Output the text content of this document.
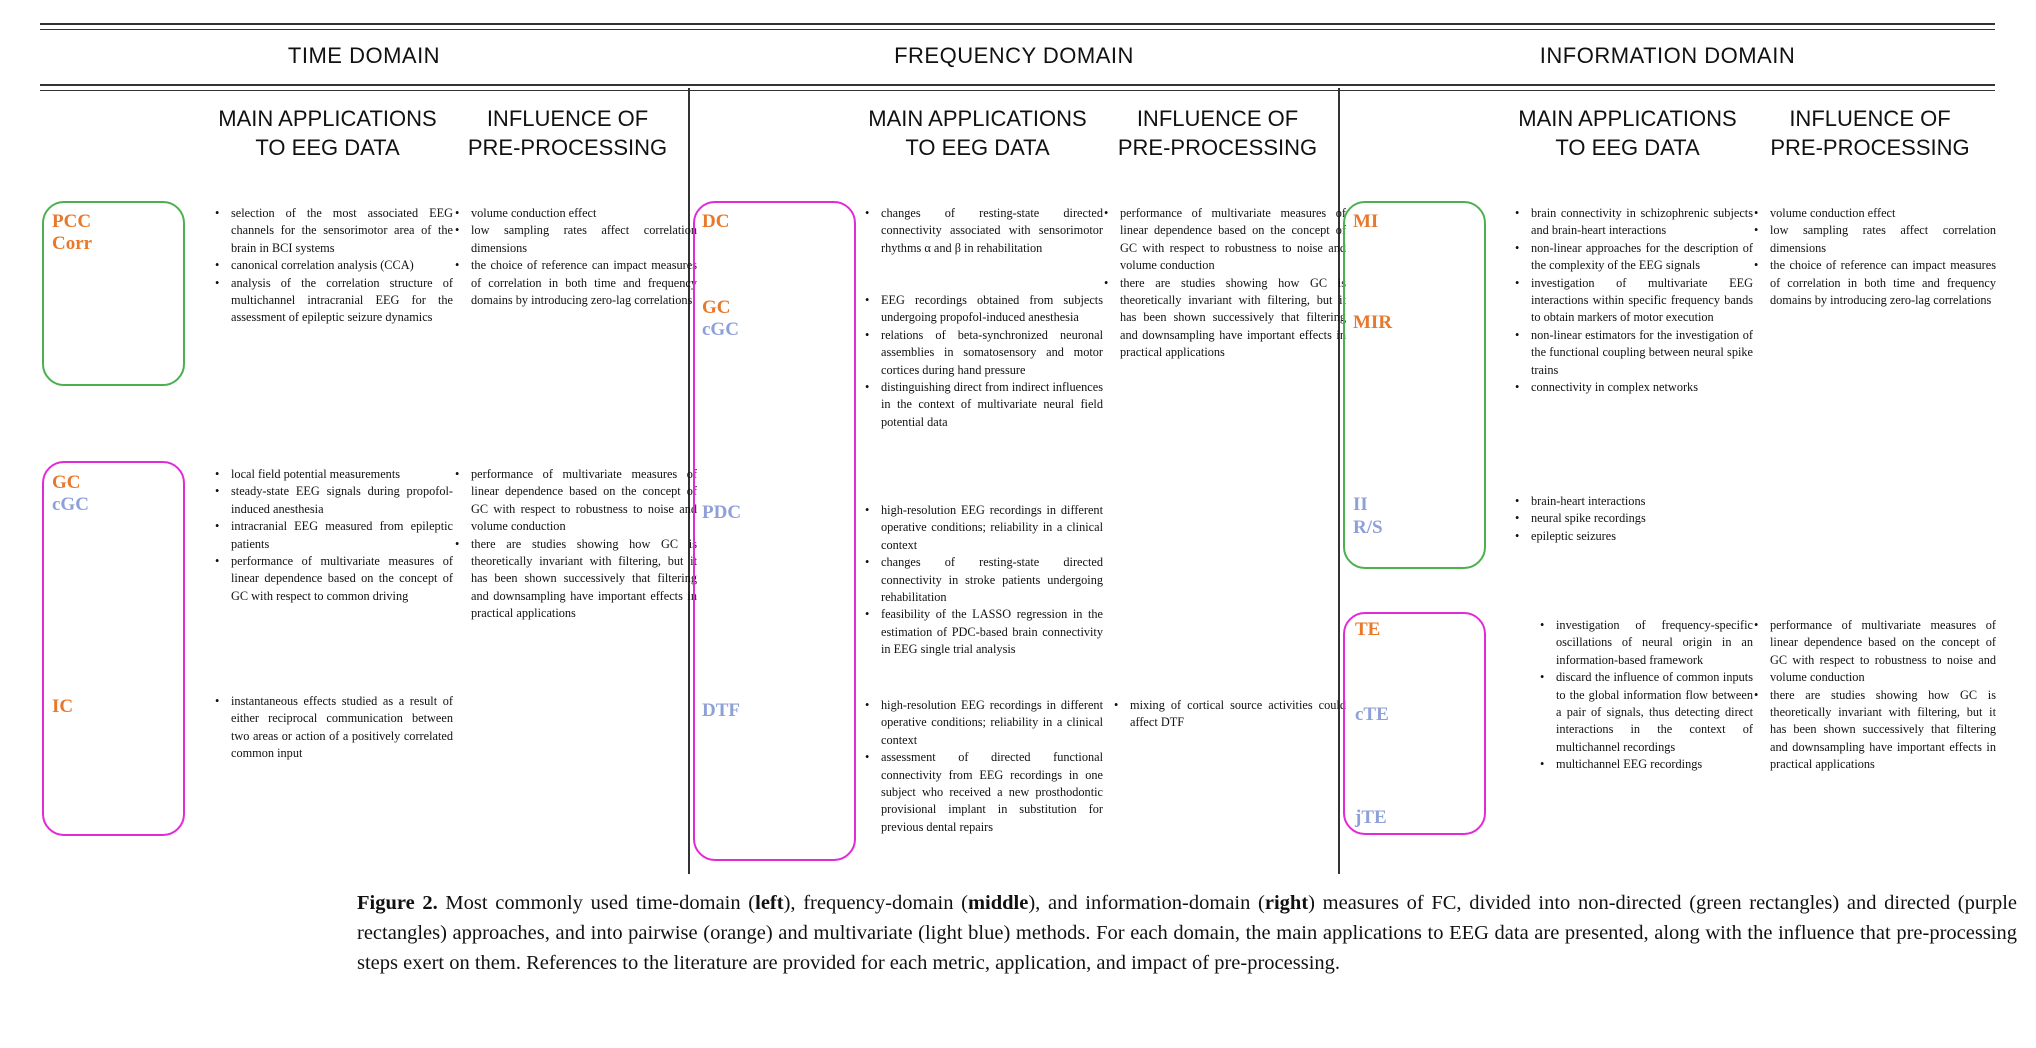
TIME DOMAIN	FREQUENCY DOMAIN	INFORMATION DOMAIN
MAIN APPLICATIONS
TO EEG DATA
INFLUENCE OF
PRE-PROCESSING
MAIN APPLICATIONS
TO EEG DATA
INFLUENCE OF
PRE-PROCESSING
MAIN APPLICATIONS
TO EEG DATA
INFLUENCE OF
PRE-PROCESSING
PCC
Corr
GC
cGC
IC
• selection of the most associated EEG channels for the sensorimotor area of the brain in BCI systems
• canonical correlation analysis (CCA)
• analysis of the correlation structure of multichannel intracranial EEG for the assessment of epileptic seizure dynamics
• volume conduction effect
• low sampling rates affect correlation dimensions
• the choice of reference can impact measures of correlation in both time and frequency domains by introducing zero-lag correlations
• local field potential measurements
• steady-state EEG signals during propofol-induced anesthesia
• intracranial EEG measured from epileptic patients
• performance of multivariate measures of linear dependence based on the concept of GC with respect to common driving
• performance of multivariate measures of linear dependence based on the concept of GC with respect to robustness to noise and volume conduction
• there are studies showing how GC is theoretically invariant with filtering, but it has been shown successively that filtering and downsampling have important effects in practical applications
• instantaneous effects studied as a result of either reciprocal communication between two areas or action of a positively correlated common input
DC
GC
cGC
PDC
DTF
• changes of resting-state directed connectivity associated with sensorimotor rhythms α and β in rehabilitation
• performance of multivariate measures of linear dependence based on the concept of GC with respect to robustness to noise and volume conduction
• there are studies showing how GC is theoretically invariant with filtering, but it has been shown successively that filtering and downsampling have important effects in practical applications
• EEG recordings obtained from subjects undergoing propofol-induced anesthesia
• relations of beta-synchronized neuronal assemblies in somatosensory and motor cortices during hand pressure
• distinguishing direct from indirect influences in the context of multivariate neural field potential data
• high-resolution EEG recordings in different operative conditions; reliability in a clinical context
• changes of resting-state directed connectivity in stroke patients undergoing rehabilitation
• feasibility of the LASSO regression in the estimation of PDC-based brain connectivity in EEG single trial analysis
• high-resolution EEG recordings in different operative conditions; reliability in a clinical context
• assessment of directed functional connectivity from EEG recordings in one subject who received a new prosthodontic provisional implant in substitution for previous dental repairs
• mixing of cortical source activities could affect DTF
MI
MIR
II
R/S
TE
cTE
jTE
• brain connectivity in schizophrenic subjects and brain-heart interactions
• non-linear approaches for the description of the complexity of the EEG signals
• investigation of multivariate EEG interactions within specific frequency bands to obtain markers of motor execution
• non-linear estimators for the investigation of the functional coupling between neural spike trains
• connectivity in complex networks
• volume conduction effect
• low sampling rates affect correlation dimensions
• the choice of reference can impact measures of correlation in both time and frequency domains by introducing zero-lag correlations
• brain-heart interactions
• neural spike recordings
• epileptic seizures
• investigation of frequency-specific oscillations of neural origin in an information-based framework
• discard the influence of common inputs to the global information flow between a pair of signals, thus detecting direct interactions in the context of multichannel recordings
• multichannel EEG recordings
• performance of multivariate measures of linear dependence based on the concept of GC with respect to robustness to noise and volume conduction
• there are studies showing how GC is theoretically invariant with filtering, but it has been shown successively that filtering and downsampling have important effects in practical applications
Figure 2. Most commonly used time-domain (left), frequency-domain (middle), and information-domain (right) measures of FC, divided into non-directed (green rectangles) and directed (purple rectangles) approaches, and into pairwise (orange) and multivariate (light blue) methods. For each domain, the main applications to EEG data are presented, along with the influence that pre-processing steps exert on them. References to the literature are provided for each metric, application, and impact of pre-processing.
